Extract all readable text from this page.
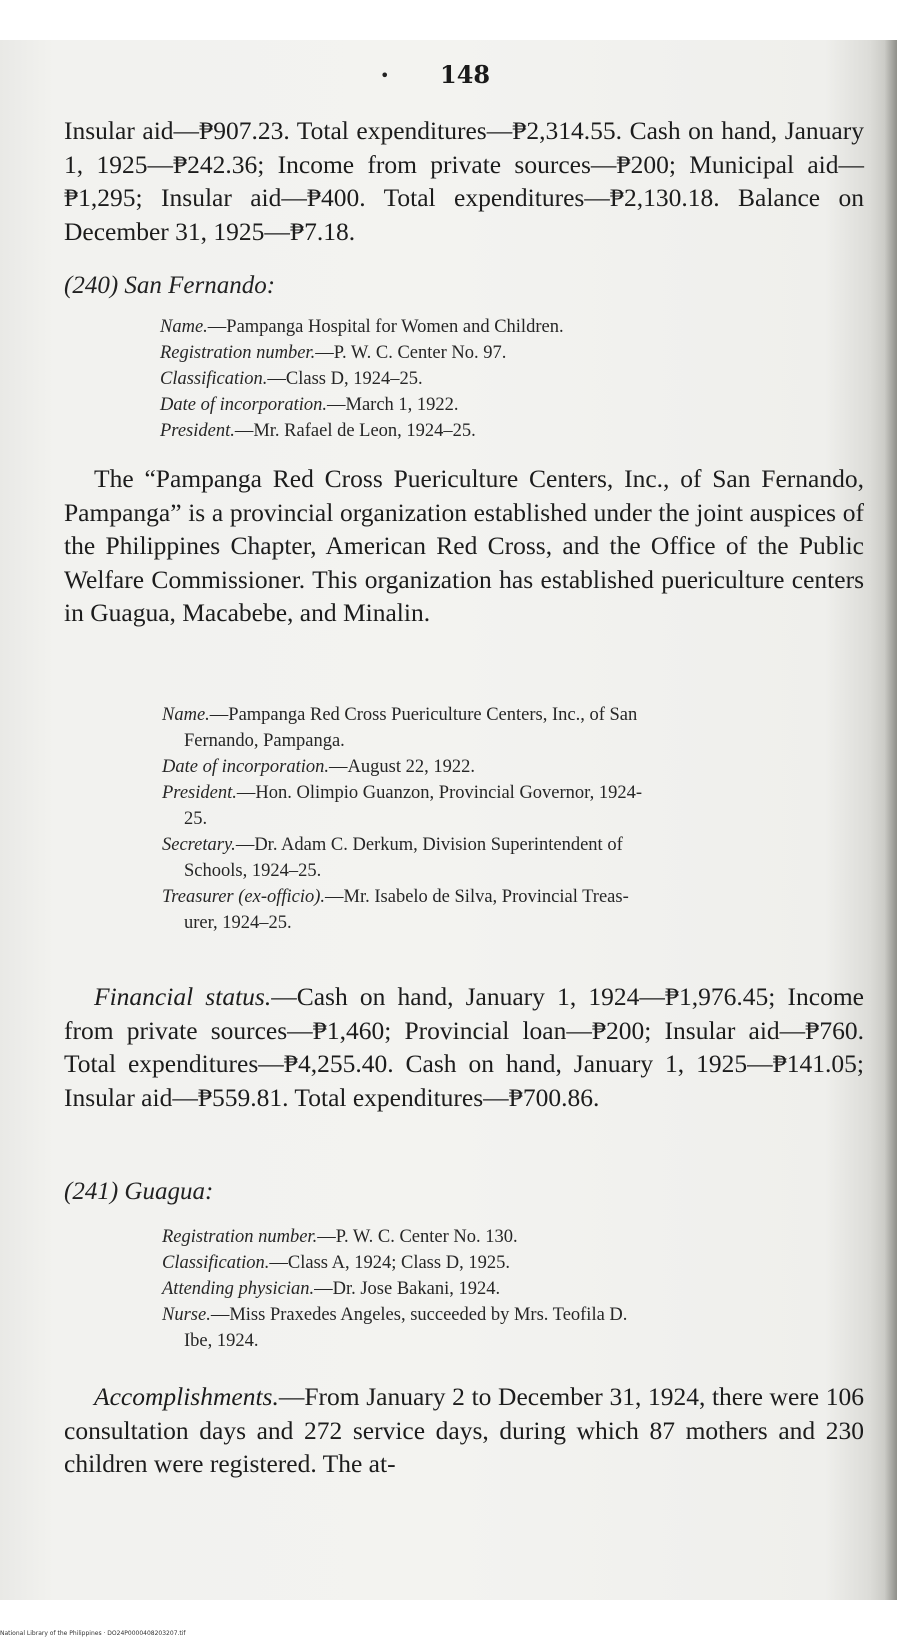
• 148

Insular aid—₱907.23. Total expenditures—₱2,314.55. Cash on hand, January 1, 1925—₱242.36; Income from private sources—₱200; Municipal aid—₱1,295; Insular aid—₱400. Total expenditures—₱2,130.18. Balance on December 31, 1925—₱7.18.

(240) San Fernando:
Name.—Pampanga Hospital for Women and Children.
Registration number.—P. W. C. Center No. 97.
Classification.—Class D, 1924–25.
Date of incorporation.—March 1, 1922.
President.—Mr. Rafael de Leon, 1924–25.

The “Pampanga Red Cross Puericulture Centers, Inc., of San Fernando, Pampanga” is a provincial organization established under the joint auspices of the Philippines Chapter, American Red Cross, and the Office of the Public Welfare Commissioner. This organization has established puericulture centers in Guagua, Macabebe, and Minalin.

Name.—Pampanga Red Cross Puericulture Centers, Inc., of San
Fernando, Pampanga.
Date of incorporation.—August 22, 1922.
President.—Hon. Olimpio Guanzon, Provincial Governor, 1924-
25.
Secretary.—Dr. Adam C. Derkum, Division Superintendent of
Schools, 1924–25.
Treasurer (ex-officio).—Mr. Isabelo de Silva, Provincial Treas-
urer, 1924–25.

Financial status.—Cash on hand, January 1, 1924—₱1,976.45; Income from private sources—₱1,460; Provincial loan—₱200; Insular aid—₱760. Total expenditures—₱4,255.40. Cash on hand, January 1, 1925—₱141.05; Insular aid—₱559.81. Total expenditures—₱700.86.

(241) Guagua:
Registration number.—P. W. C. Center No. 130.
Classification.—Class A, 1924; Class D, 1925.
Attending physician.—Dr. Jose Bakani, 1924.
Nurse.—Miss Praxedes Angeles, succeeded by Mrs. Teofila D.
Ibe, 1924.

Accomplishments.—From January 2 to December 31, 1924, there were 106 consultation days and 272 service days, during which 87 mothers and 230 children were registered. The at-

National Library of the Philippines · DO24P0000408203207.tif
